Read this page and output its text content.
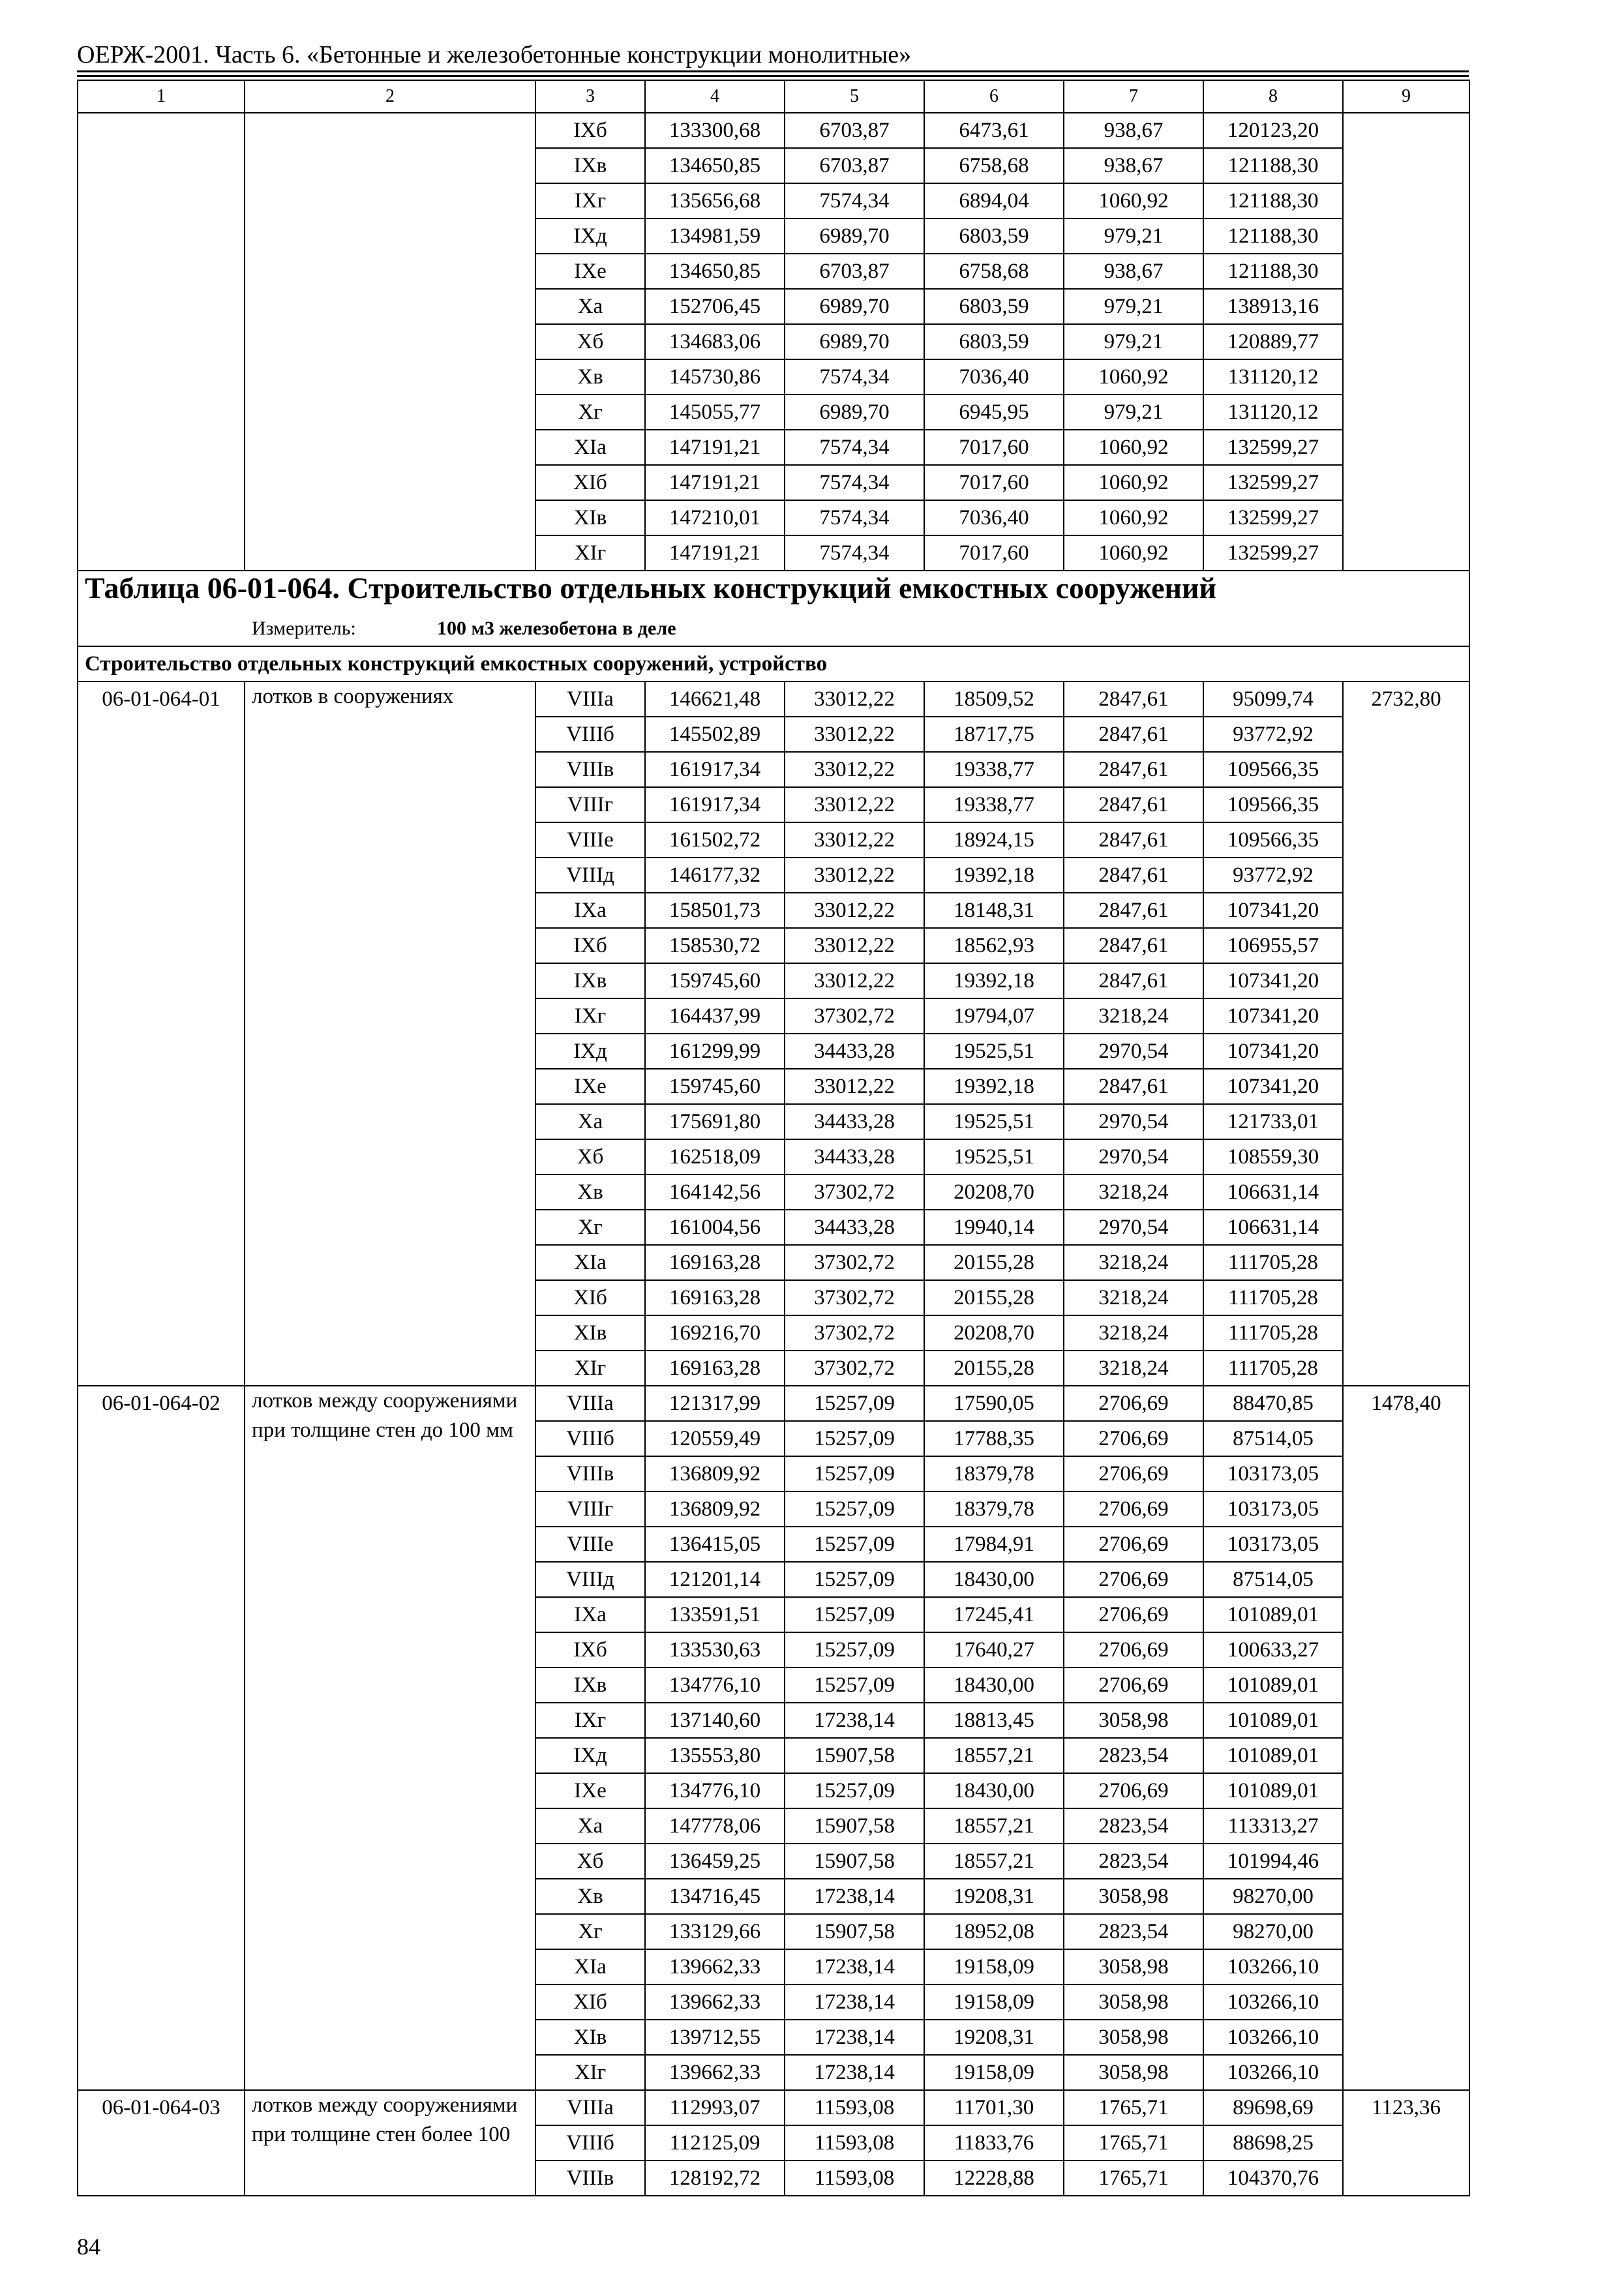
ОЕРЖ-2001. Часть 6. «Бетонные и железобетонные конструкции монолитные»
1	2	3	4	5	6	7	8	9
		IХб	133300,68	6703,87	6473,61	938,67	120123,20	
		IХв	134650,85	6703,87	6758,68	938,67	121188,30	
		IХг	135656,68	7574,34	6894,04	1060,92	121188,30	
		IХд	134981,59	6989,70	6803,59	979,21	121188,30	
		IХе	134650,85	6703,87	6758,68	938,67	121188,30	
		Ха	152706,45	6989,70	6803,59	979,21	138913,16	
		Хб	134683,06	6989,70	6803,59	979,21	120889,77	
		Хв	145730,86	7574,34	7036,40	1060,92	131120,12	
		Хг	145055,77	6989,70	6945,95	979,21	131120,12	
		ХIа	147191,21	7574,34	7017,60	1060,92	132599,27	
		ХIб	147191,21	7574,34	7017,60	1060,92	132599,27	
		ХIв	147210,01	7574,34	7036,40	1060,92	132599,27	
		ХIг	147191,21	7574,34	7017,60	1060,92	132599,27	

Таблица 06-01-064. Строительство отдельных конструкций емкостных сооружений
Измеритель: 100 м3 железобетона в деле								

Строительство отдельных конструкций емкостных сооружений, устройство								
06-01-064-01	лотков в сооружениях	VIIIа	146621,48	33012,22	18509,52	2847,61	95099,74	2732,80
		VIIIб	145502,89	33012,22	18717,75	2847,61	93772,92	
		VIIIв	161917,34	33012,22	19338,77	2847,61	109566,35	
		VIIIг	161917,34	33012,22	19338,77	2847,61	109566,35	
		VIIIе	161502,72	33012,22	18924,15	2847,61	109566,35	
		VIIIд	146177,32	33012,22	19392,18	2847,61	93772,92	
		IХа	158501,73	33012,22	18148,31	2847,61	107341,20	
		IХб	158530,72	33012,22	18562,93	2847,61	106955,57	
		IХв	159745,60	33012,22	19392,18	2847,61	107341,20	
		IХг	164437,99	37302,72	19794,07	3218,24	107341,20	
		IХд	161299,99	34433,28	19525,51	2970,54	107341,20	
		IХе	159745,60	33012,22	19392,18	2847,61	107341,20	
		Ха	175691,80	34433,28	19525,51	2970,54	121733,01	
		Хб	162518,09	34433,28	19525,51	2970,54	108559,30	
		Хв	164142,56	37302,72	20208,70	3218,24	106631,14	
		Хг	161004,56	34433,28	19940,14	2970,54	106631,14	
		ХIа	169163,28	37302,72	20155,28	3218,24	111705,28	
		ХIб	169163,28	37302,72	20155,28	3218,24	111705,28	
		ХIв	169216,70	37302,72	20208,70	3218,24	111705,28	
		ХIг	169163,28	37302,72	20155,28	3218,24	111705,28	
06-01-064-02	лотков между сооружениями при толщине стен до 100 мм	VIIIа	121317,99	15257,09	17590,05	2706,69	88470,85	1478,40
		VIIIб	120559,49	15257,09	17788,35	2706,69	87514,05	
		VIIIв	136809,92	15257,09	18379,78	2706,69	103173,05	
		VIIIг	136809,92	15257,09	18379,78	2706,69	103173,05	
		VIIIе	136415,05	15257,09	17984,91	2706,69	103173,05	
		VIIIд	121201,14	15257,09	18430,00	2706,69	87514,05	
		IХа	133591,51	15257,09	17245,41	2706,69	101089,01	
		IХб	133530,63	15257,09	17640,27	2706,69	100633,27	
		IХв	134776,10	15257,09	18430,00	2706,69	101089,01	
		IХг	137140,60	17238,14	18813,45	3058,98	101089,01	
		IХд	135553,80	15907,58	18557,21	2823,54	101089,01	
		IХе	134776,10	15257,09	18430,00	2706,69	101089,01	
		Ха	147778,06	15907,58	18557,21	2823,54	113313,27	
		Хб	136459,25	15907,58	18557,21	2823,54	101994,46	
		Хв	134716,45	17238,14	19208,31	3058,98	98270,00	
		Хг	133129,66	15907,58	18952,08	2823,54	98270,00	
		ХIа	139662,33	17238,14	19158,09	3058,98	103266,10	
		ХIб	139662,33	17238,14	19158,09	3058,98	103266,10	
		ХIв	139712,55	17238,14	19208,31	3058,98	103266,10	
		ХIг	139662,33	17238,14	19158,09	3058,98	103266,10	
06-01-064-03	лотков между сооружениями при толщине стен более 100	VIIIа	112993,07	11593,08	11701,30	1765,71	89698,69	1123,36
		VIIIб	112125,09	11593,08	11833,76	1765,71	88698,25	
		VIIIв	128192,72	11593,08	12228,88	1765,71	104370,76	
84
